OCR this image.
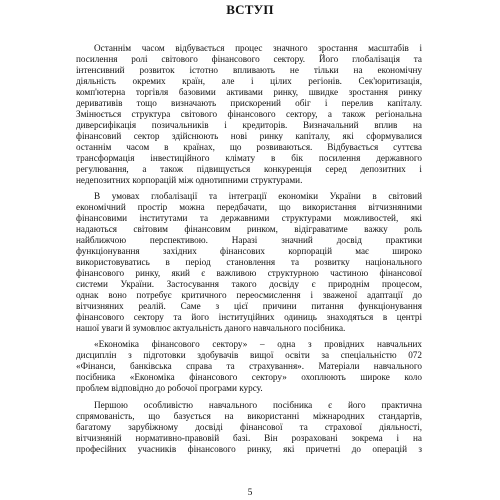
ВСТУП
Останнім часом відбувається процес значного зростання масштабів і
посилення ролі світового фінансового сектору. Його глобалізація та
інтенсивний розвиток істотно впливають не тільки на економічну
діяльність окремих країн, але і цілих регіонів. Сек'юритизація,
комп'ютерна торгівля базовими активами ринку, швидке зростання ринку
деривативів тощо визначають прискорений обіг і перелив капіталу.
Змінюється структура світового фінансового сектору, а також регіональна
диверсифікація позичальників і кредиторів. Визначальний вплив на
фінансовий сектор здійснюють нові ринку капіталу, які сформувалися
останнім часом в країнах, що розвиваються. Відбувається суттєва
трансформація інвестиційного клімату в бік посилення державного
регулювання, а також підвищується конкуренція серед депозитних і
недепозитних корпорацій між однотипними структурами.
В умовах глобалізації та інтеграції економіки України в світовий
економічний простір можна передбачати, що використання вітчизняними
фінансовими інститутами та державними структурами можливостей, які
надаються світовим фінансовим ринком, відіграватиме важку роль
найближчою перспективою. Наразі значний досвід практики
функціонування західних фінансових корпорацій має широко
використовуватись в період становлення та розвитку національного
фінансового ринку, який є важливою структурною частиною фінансової
системи України. Застосування такого досвіду є природнім процесом,
однак воно потребує критичного переосмислення і зваженої адаптації до
вітчизняних реалій. Саме з цієї причини питання функціонування
фінансового сектору та його інституційних одиниць знаходяться в центрі
нашої уваги й зумовлює актуальність даного навчального посібника.
«Економіка фінансового сектору» – одна з провідних навчальних
дисциплін з підготовки здобувачів вищої освіти за спеціальністю 072
«Фінанси, банківська справа та страхування». Матеріали навчального
посібника «Економіка фінансового сектору» охоплюють широке коло
проблем відповідно до робочої програми курсу.
Першою особливістю навчального посібника є його практична
спрямованість, що базується на використанні міжнародних стандартів,
багатому зарубіжному досвіді фінансової та страхової діяльності,
вітчизняній нормативно-правовій базі. Він розраховані зокрема і на
професійних учасників фінансового ринку, які причетні до операцій з
5
